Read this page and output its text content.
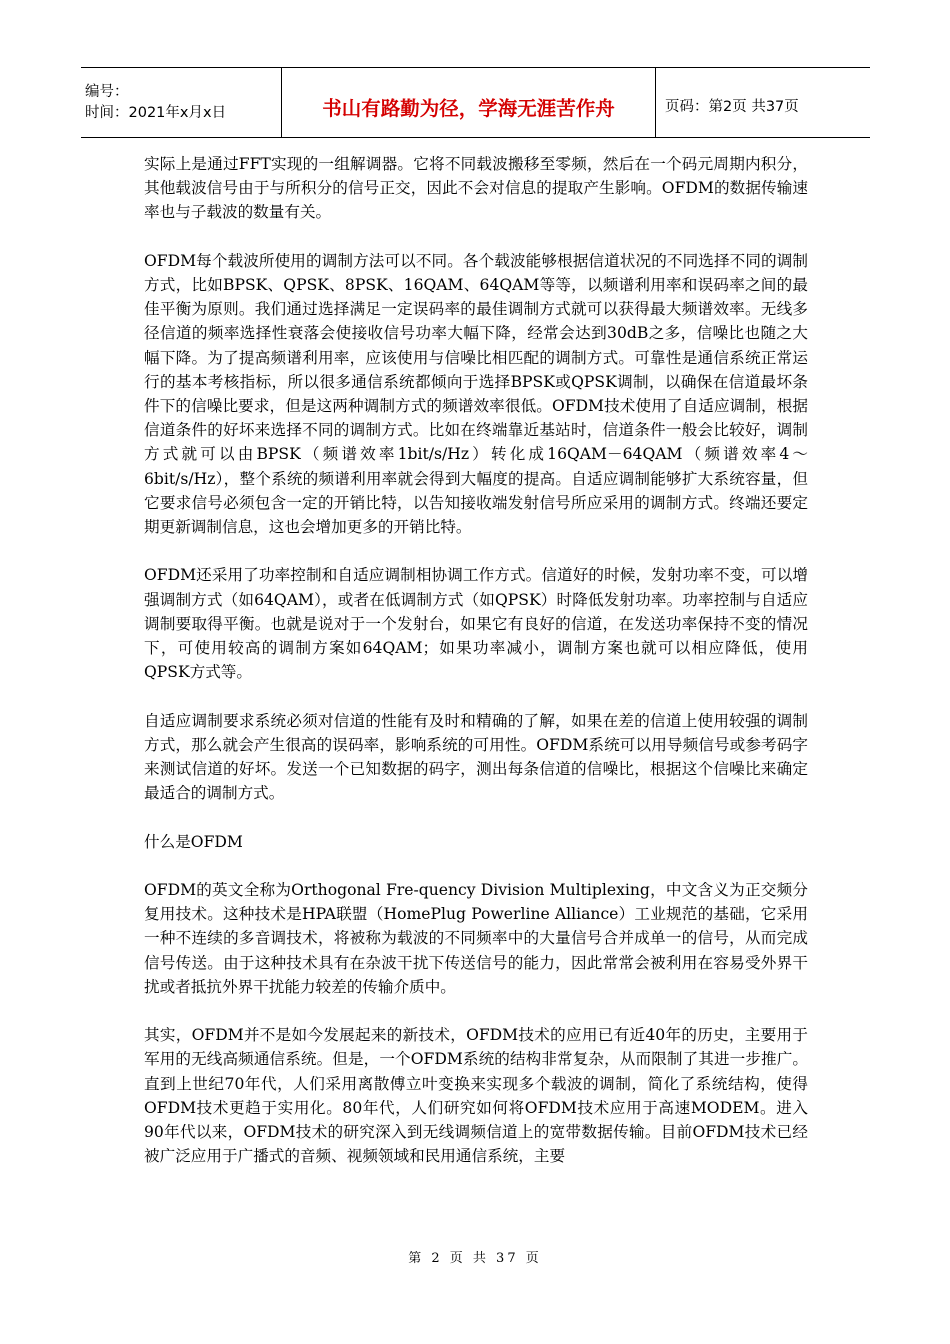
编号：
时间：2021年x月x日	书山有路勤为径，学海无涯苦作舟	页码：第2页 共37页

实际上是通过FFT实现的一组解调器。它将不同载波搬移至零频，然后在一个码元周期内积分，其他载波信号由于与所积分的信号正交，因此不会对信息的提取产生影响。OFDM的数据传输速率也与子载波的数量有关。

OFDM每个载波所使用的调制方法可以不同。各个载波能够根据信道状况的不同选择不同的调制方式，比如BPSK、QPSK、8PSK、16QAM、64QAM等等，以频谱利用率和误码率之间的最佳平衡为原则。我们通过选择满足一定误码率的最佳调制方式就可以获得最大频谱效率。无线多径信道的频率选择性衰落会使接收信号功率大幅下降，经常会达到30dB之多，信噪比也随之大幅下降。为了提高频谱利用率，应该使用与信噪比相匹配的调制方式。可靠性是通信系统正常运行的基本考核指标，所以很多通信系统都倾向于选择BPSK或QPSK调制，以确保在信道最坏条件下的信噪比要求，但是这两种调制方式的频谱效率很低。OFDM技术使用了自适应调制，根据信道条件的好坏来选择不同的调制方式。比如在终端靠近基站时，信道条件一般会比较好，调制方式就可以由BPSK（频谱效率1bit/s/Hz）转化成16QAM－64QAM（频谱效率4～6bit/s/Hz），整个系统的频谱利用率就会得到大幅度的提高。自适应调制能够扩大系统容量，但它要求信号必须包含一定的开销比特，以告知接收端发射信号所应采用的调制方式。终端还要定期更新调制信息，这也会增加更多的开销比特。

OFDM还采用了功率控制和自适应调制相协调工作方式。信道好的时候，发射功率不变，可以增强调制方式（如64QAM），或者在低调制方式（如QPSK）时降低发射功率。功率控制与自适应调制要取得平衡。也就是说对于一个发射台，如果它有良好的信道，在发送功率保持不变的情况下，可使用较高的调制方案如64QAM；如果功率减小，调制方案也就可以相应降低，使用QPSK方式等。

自适应调制要求系统必须对信道的性能有及时和精确的了解，如果在差的信道上使用较强的调制方式，那么就会产生很高的误码率，影响系统的可用性。OFDM系统可以用导频信号或参考码字来测试信道的好坏。发送一个已知数据的码字，测出每条信道的信噪比，根据这个信噪比来确定最适合的调制方式。

什么是OFDM

OFDM的英文全称为Orthogonal Fre-quency Division Multiplexing，中文含义为正交频分复用技术。这种技术是HPA联盟（HomePlug Powerline Alliance）工业规范的基础，它采用一种不连续的多音调技术，将被称为载波的不同频率中的大量信号合并成单一的信号，从而完成信号传送。由于这种技术具有在杂波干扰下传送信号的能力，因此常常会被利用在容易受外界干扰或者抵抗外界干扰能力较差的传输介质中。

其实，OFDM并不是如今发展起来的新技术，OFDM技术的应用已有近40年的历史，主要用于军用的无线高频通信系统。但是，一个OFDM系统的结构非常复杂，从而限制了其进一步推广。直到上世纪70年代，人们采用离散傅立叶变换来实现多个载波的调制，简化了系统结构，使得OFDM技术更趋于实用化。80年代，人们研究如何将OFDM技术应用于高速MODEM。进入90年代以来，OFDM技术的研究深入到无线调频信道上的宽带数据传输。目前OFDM技术已经被广泛应用于广播式的音频、视频领域和民用通信系统，主要

第 2 页 共 37 页
